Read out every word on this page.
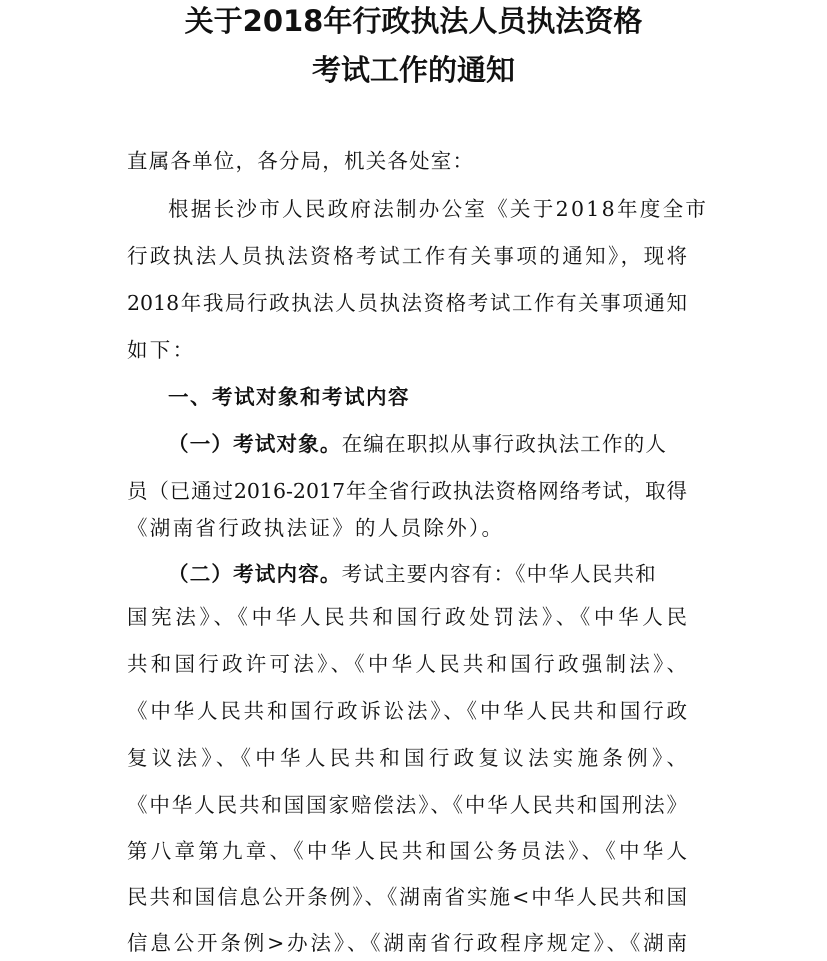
关于2018年行政执法人员执法资格
考试工作的通知
直属各单位，各分局，机关各处室：
根据长沙市人民政府法制办公室《关于2018年度全市
行政执法人员执法资格考试工作有关事项的通知》，现将
2018年我局行政执法人员执法资格考试工作有关事项通知
如下：
一、考试对象和考试内容
（一）考试对象。在编在职拟从事行政执法工作的人
员（已通过2016-2017年全省行政执法资格网络考试，取得
《湖南省行政执法证》的人员除外）。
（二）考试内容。考试主要内容有：《中华人民共和
国宪法》、《中华人民共和国行政处罚法》、《中华人民
共和国行政许可法》、《中华人民共和国行政强制法》、
《中华人民共和国行政诉讼法》、《中华人民共和国行政
复议法》、《中华人民共和国行政复议法实施条例》、
《中华人民共和国国家赔偿法》、《中华人民共和国刑法》
第八章第九章、《中华人民共和国公务员法》、《中华人
民共和国信息公开条例》、《湖南省实施<中华人民共和国
信息公开条例>办法》、《湖南省行政程序规定》、《湖南
